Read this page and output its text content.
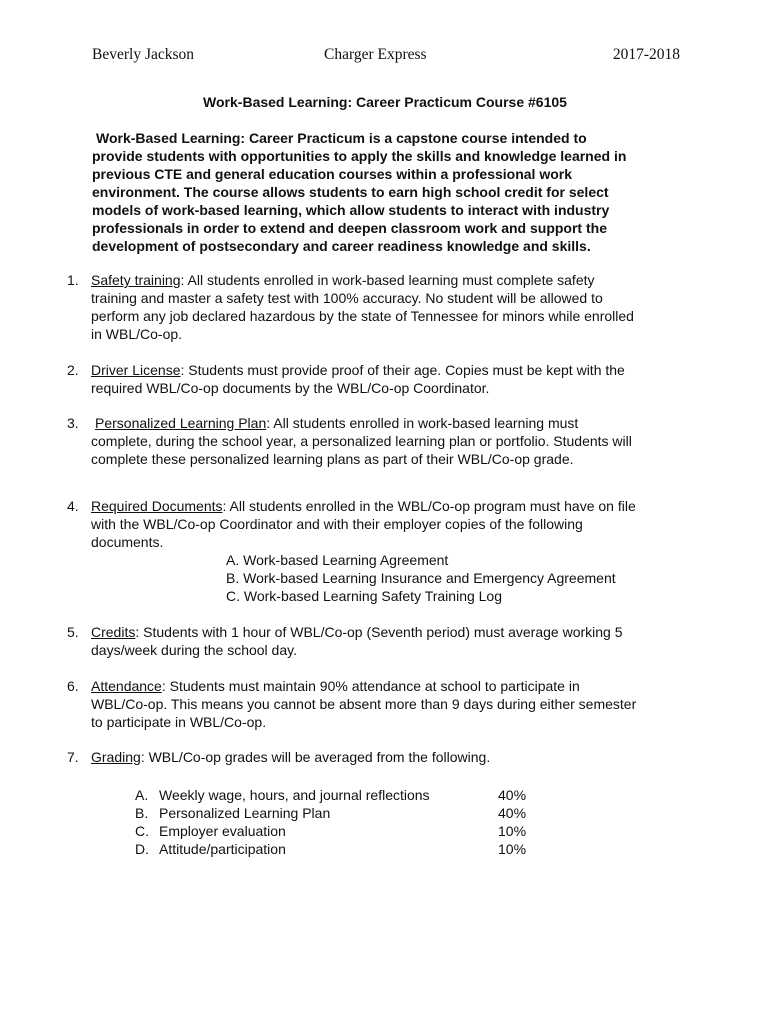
Beverly Jackson	Charger Express	2017-2018
Work-Based Learning: Career Practicum Course #6105
Work-Based Learning: Career Practicum is a capstone course intended to
provide students with opportunities to apply the skills and knowledge learned in
previous CTE and general education courses within a professional work
environment. The course allows students to earn high school credit for select
models of work-based learning, which allow students to interact with industry
professionals in order to extend and deepen classroom work and support the
development of postsecondary and career readiness knowledge and skills.
1. Safety training: All students enrolled in work-based learning must complete safety
training and master a safety test with 100% accuracy. No student will be allowed to
perform any job declared hazardous by the state of Tennessee for minors while enrolled
in WBL/Co-op.
2. Driver License: Students must provide proof of their age. Copies must be kept with the
required WBL/Co-op documents by the WBL/Co-op Coordinator.
3. Personalized Learning Plan: All students enrolled in work-based learning must
complete, during the school year, a personalized learning plan or portfolio. Students will
complete these personalized learning plans as part of their WBL/Co-op grade.
4. Required Documents: All students enrolled in the WBL/Co-op program must have on file
with the WBL/Co-op Coordinator and with their employer copies of the following
documents.
A. Work-based Learning Agreement
B. Work-based Learning Insurance and Emergency Agreement
C. Work-based Learning Safety Training Log
5. Credits: Students with 1 hour of WBL/Co-op (Seventh period) must average working 5
days/week during the school day.
6. Attendance: Students must maintain 90% attendance at school to participate in
WBL/Co-op. This means you cannot be absent more than 9 days during either semester
to participate in WBL/Co-op.
7. Grading: WBL/Co-op grades will be averaged from the following.
A. Weekly wage, hours, and journal reflections	40%
B. Personalized Learning Plan	40%
C. Employer evaluation	10%
D. Attitude/participation	10%
